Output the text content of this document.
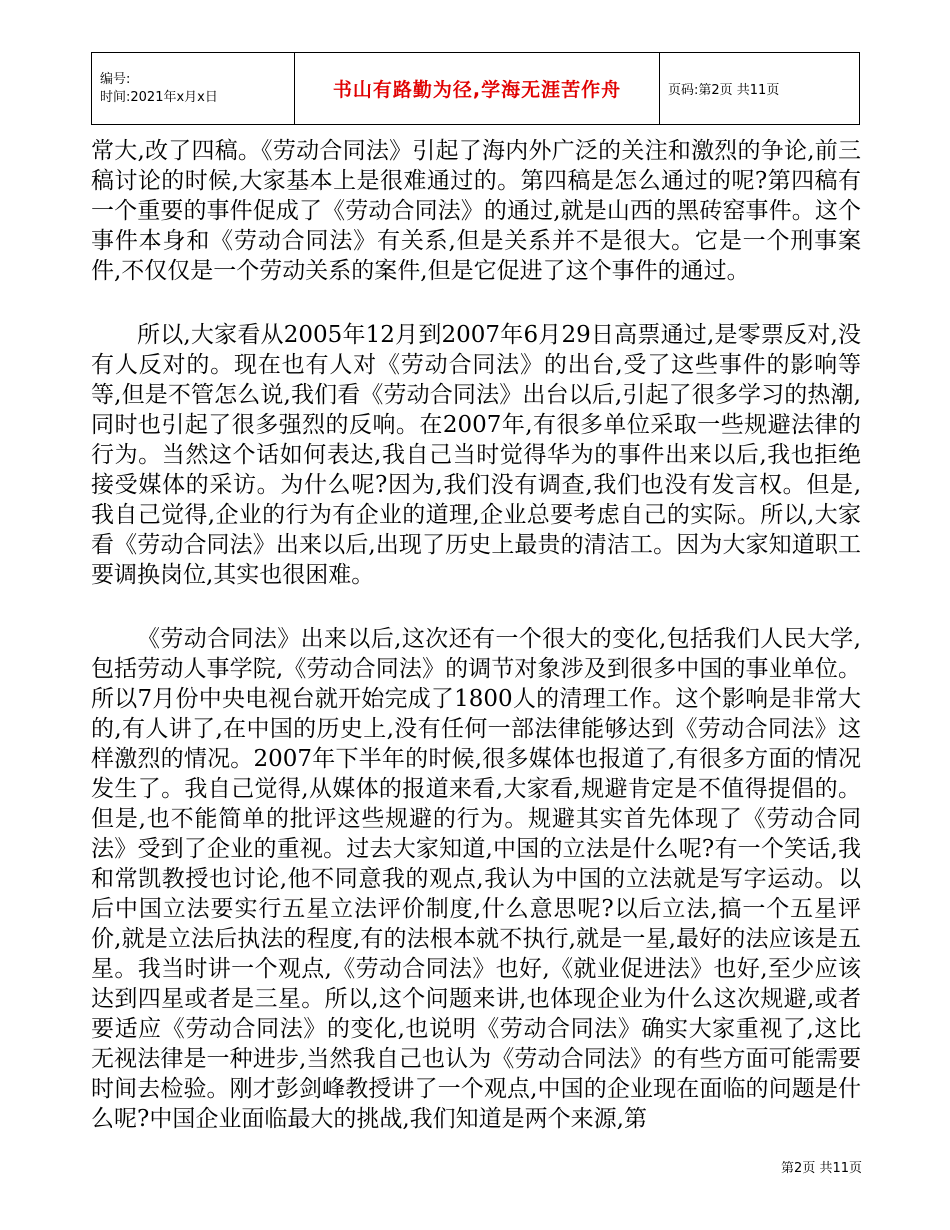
编号:
时间:2021年x月x日	书山有路勤为径,学海无涯苦作舟	页码:第2页 共11页

常大,改了四稿。《劳动合同法》引起了海内外广泛的关注和激烈的争论,前三稿讨论的时候,大家基本上是很难通过的。第四稿是怎么通过的呢?第四稿有一个重要的事件促成了《劳动合同法》的通过,就是山西的黑砖窑事件。这个事件本身和《劳动合同法》有关系,但是关系并不是很大。它是一个刑事案件,不仅仅是一个劳动关系的案件,但是它促进了这个事件的通过。

所以,大家看从2005年12月到2007年6月29日高票通过,是零票反对,没有人反对的。现在也有人对《劳动合同法》的出台,受了这些事件的影响等等,但是不管怎么说,我们看《劳动合同法》出台以后,引起了很多学习的热潮,同时也引起了很多强烈的反响。在2007年,有很多单位采取一些规避法律的行为。当然这个话如何表达,我自己当时觉得华为的事件出来以后,我也拒绝接受媒体的采访。为什么呢?因为,我们没有调查,我们也没有发言权。但是,我自己觉得,企业的行为有企业的道理,企业总要考虑自己的实际。所以,大家看《劳动合同法》出来以后,出现了历史上最贵的清洁工。因为大家知道职工要调换岗位,其实也很困难。

《劳动合同法》出来以后,这次还有一个很大的变化,包括我们人民大学,包括劳动人事学院,《劳动合同法》的调节对象涉及到很多中国的事业单位。所以7月份中央电视台就开始完成了1800人的清理工作。这个影响是非常大的,有人讲了,在中国的历史上,没有任何一部法律能够达到《劳动合同法》这样激烈的情况。2007年下半年的时候,很多媒体也报道了,有很多方面的情况发生了。我自己觉得,从媒体的报道来看,大家看,规避肯定是不值得提倡的。但是,也不能简单的批评这些规避的行为。规避其实首先体现了《劳动合同法》受到了企业的重视。过去大家知道,中国的立法是什么呢?有一个笑话,我和常凯教授也讨论,他不同意我的观点,我认为中国的立法就是写字运动。以后中国立法要实行五星立法评价制度,什么意思呢?以后立法,搞一个五星评价,就是立法后执法的程度,有的法根本就不执行,就是一星,最好的法应该是五星。我当时讲一个观点,《劳动合同法》也好,《就业促进法》也好,至少应该达到四星或者是三星。所以,这个问题来讲,也体现企业为什么这次规避,或者要适应《劳动合同法》的变化,也说明《劳动合同法》确实大家重视了,这比无视法律是一种进步,当然我自己也认为《劳动合同法》的有些方面可能需要时间去检验。刚才彭剑峰教授讲了一个观点,中国的企业现在面临的问题是什么呢?中国企业面临最大的挑战,我们知道是两个来源,第

第2页 共11页
